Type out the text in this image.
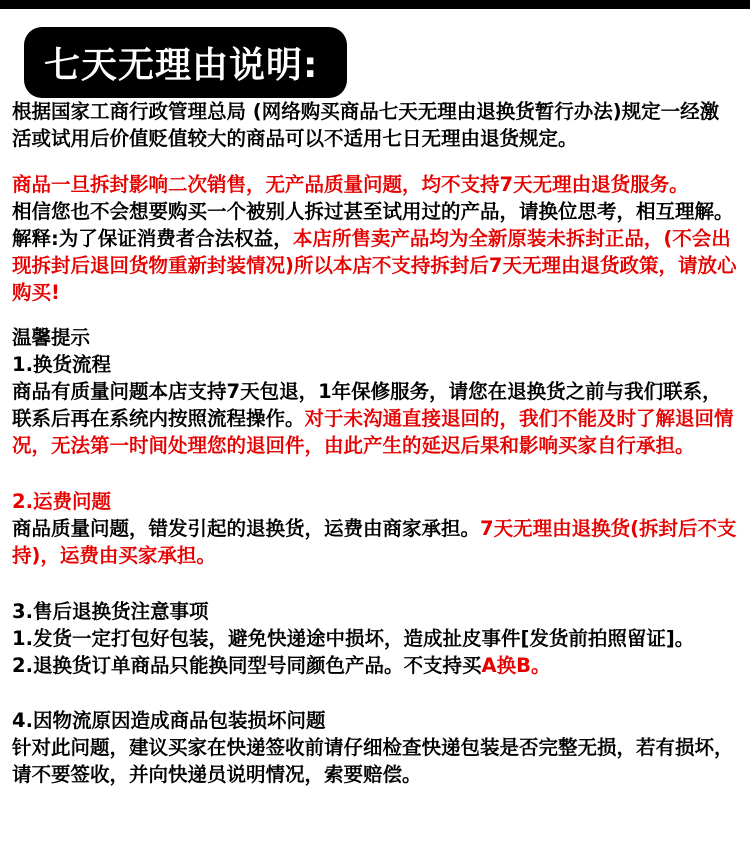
七天无理由说明:

根据国家工商行政管理总局 (网络购买商品七天无理由退换货暂行办法)规定一经激活或试用后价值贬值较大的商品可以不适用七日无理由退货规定。

商品一旦拆封影响二次销售，无产品质量问题，均不支持7天无理由退货服务。
相信您也不会想要购买一个被别人拆过甚至试用过的产品，请换位思考，相互理解。

解释:为了保证消费者合法权益，本店所售卖产品均为全新原装未拆封正品，(不会出现拆封后退回货物重新封装情况)所以本店不支持拆封后7天无理由退货政策，请放心购买!

温馨提示
1.换货流程

商品有质量问题本店支持7天包退，1年保修服务，请您在退换货之前与我们联系，联系后再在系统内按照流程操作。对于未沟通直接退回的，我们不能及时了解退回情况，无法第一时间处理您的退回件，由此产生的延迟后果和影响买家自行承担。

2.运费问题

商品质量问题，错发引起的退换货，运费由商家承担。7天无理由退换货(拆封后不支持)，运费由买家承担。

3.售后退换货注意事项
1.发货一定打包好包装，避免快递途中损坏，造成扯皮事件[发货前拍照留证]。
2.退换货订单商品只能换同型号同颜色产品。不支持买A换B。
4.因物流原因造成商品包装损坏问题

针对此问题，建议买家在快递签收前请仔细检查快递包装是否完整无损，若有损坏，请不要签收，并向快递员说明情况，索要赔偿。
